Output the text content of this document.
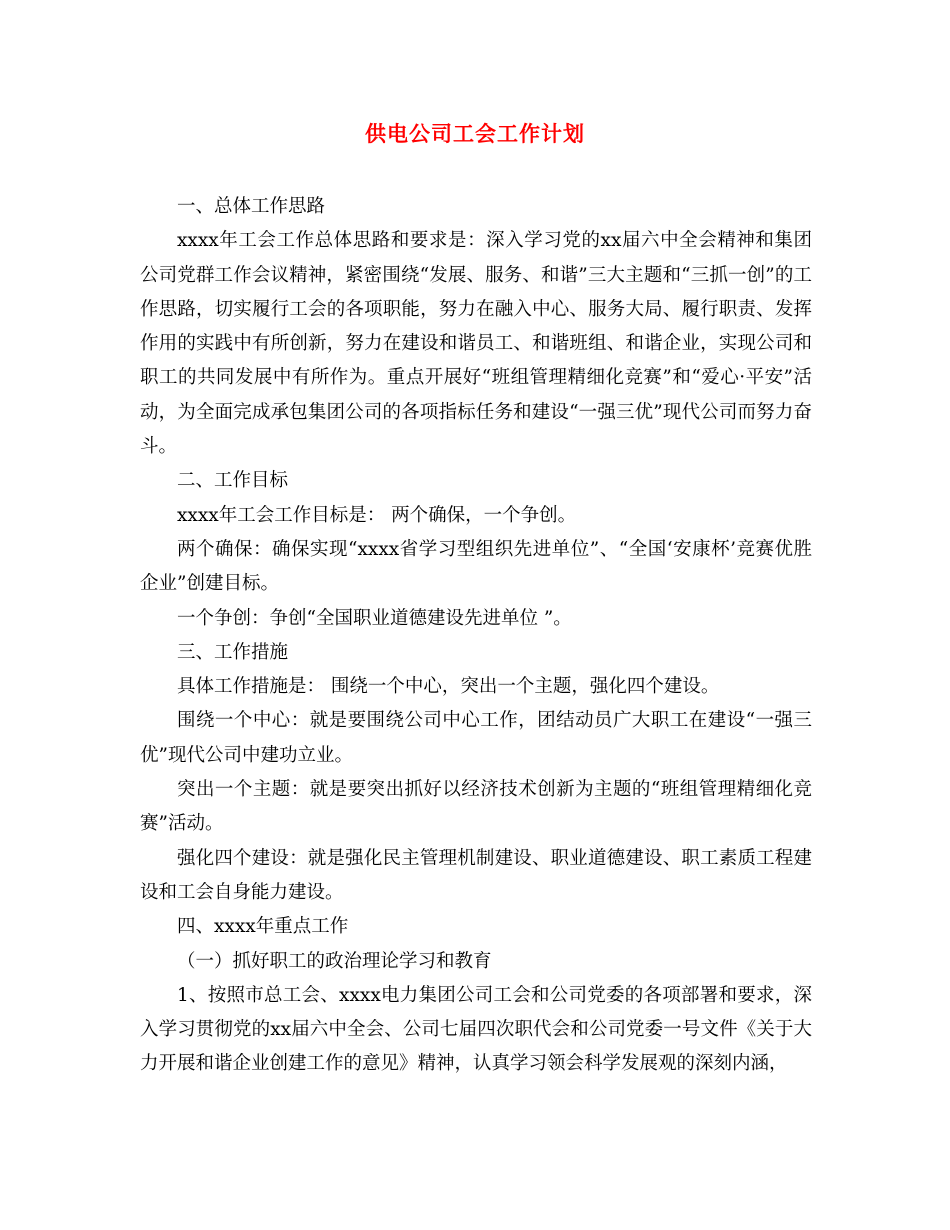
供电公司工会工作计划

一、总体工作思路

xxxx年工会工作总体思路和要求是：深入学习党的xx届六中全会精神和集团公司党群工作会议精神，紧密围绕“发展、服务、和谐”三大主题和“三抓一创”的工作思路，切实履行工会的各项职能，努力在融入中心、服务大局、履行职责、发挥作用的实践中有所创新，努力在建设和谐员工、和谐班组、和谐企业，实现公司和职工的共同发展中有所作为。重点开展好“班组管理精细化竞赛”和“爱心·平安”活动，为全面完成承包集团公司的各项指标任务和建设“一强三优”现代公司而努力奋斗。

二、工作目标

xxxx年工会工作目标是： 两个确保，一个争创。

两个确保：确保实现“xxxx省学习型组织先进单位”、“全国‘安康杯’竞赛优胜企业”创建目标。

一个争创：争创“全国职业道德建设先进单位 ”。

三、工作措施

具体工作措施是： 围绕一个中心，突出一个主题，强化四个建设。

围绕一个中心：就是要围绕公司中心工作，团结动员广大职工在建设“一强三优”现代公司中建功立业。

突出一个主题：就是要突出抓好以经济技术创新为主题的“班组管理精细化竞赛”活动。

强化四个建设：就是强化民主管理机制建设、职业道德建设、职工素质工程建设和工会自身能力建设。

四、xxxx年重点工作

（一）抓好职工的政治理论学习和教育

1、按照市总工会、xxxx电力集团公司工会和公司党委的各项部署和要求，深入学习贯彻党的xx届六中全会、公司七届四次职代会和公司党委一号文件《关于大力开展和谐企业创建工作的意见》精神，认真学习领会科学发展观的深刻内涵，
